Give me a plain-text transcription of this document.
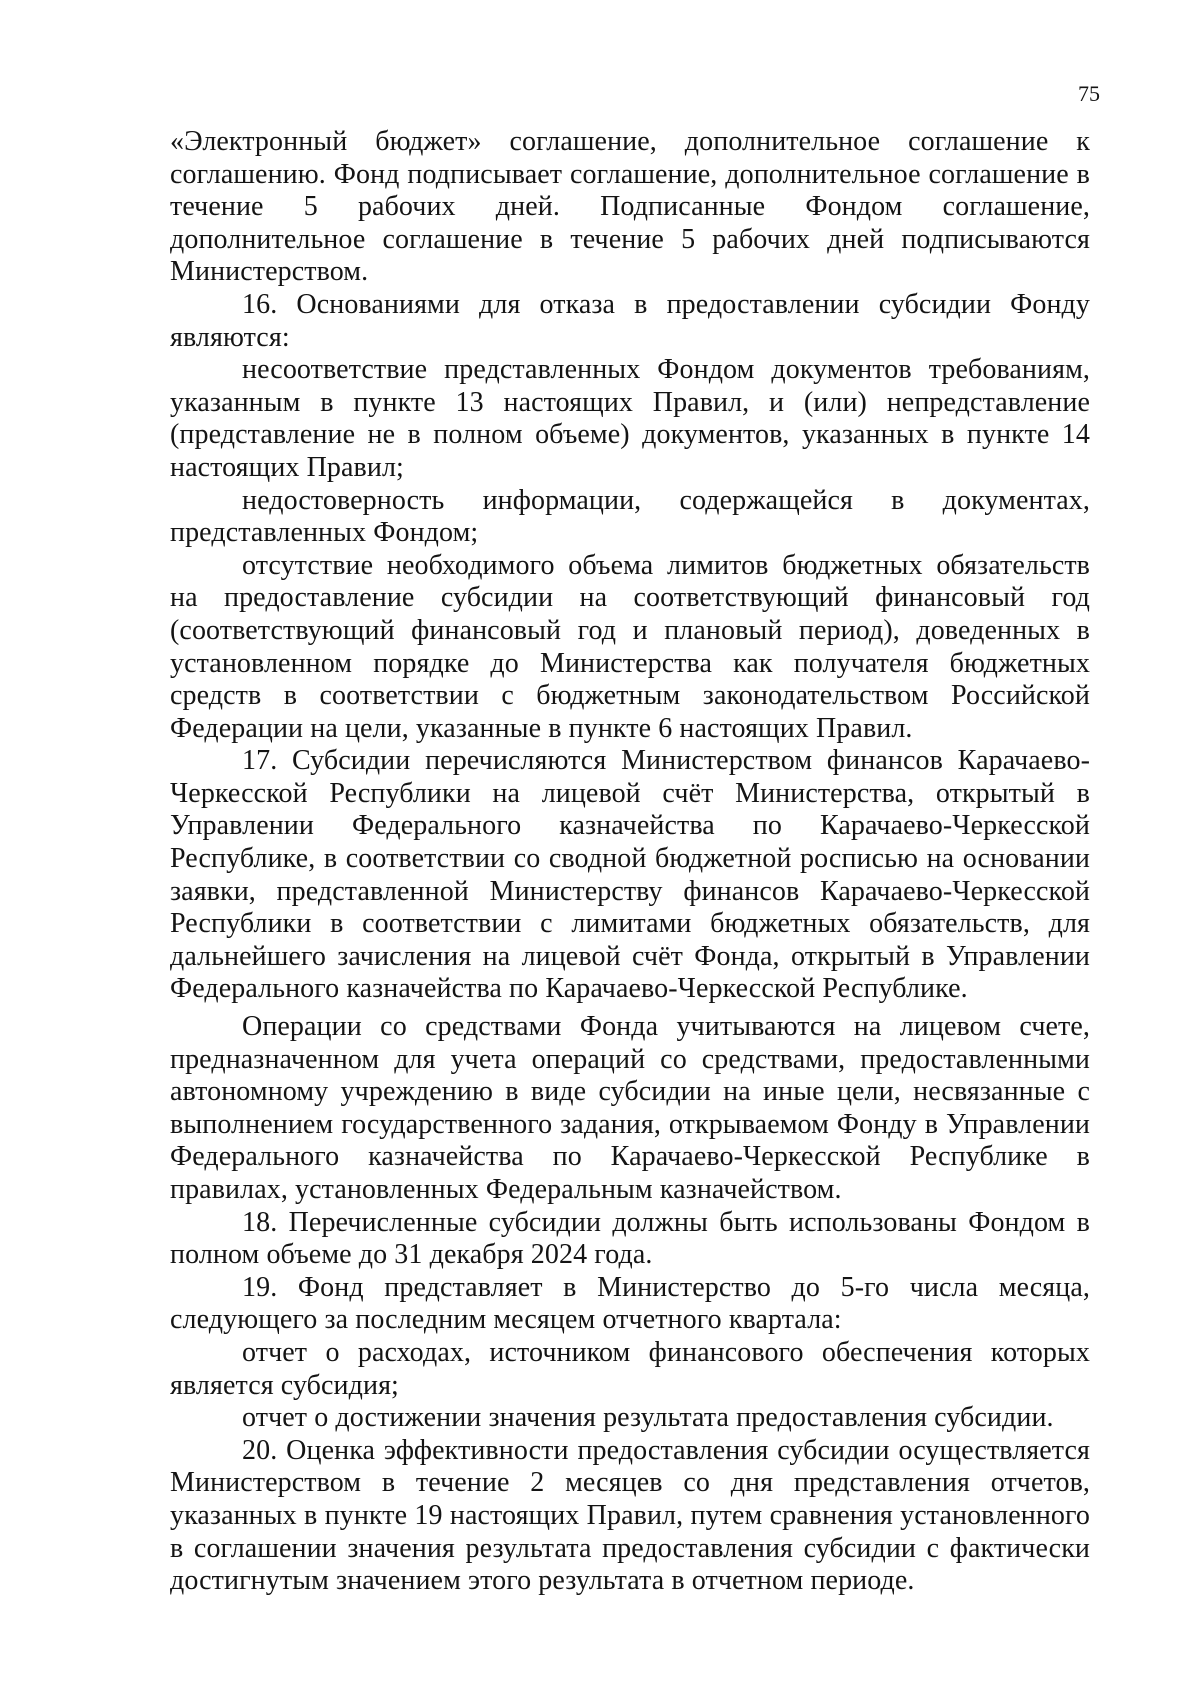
75

«Электронный бюджет» соглашение, дополнительное соглашение к соглашению. Фонд подписывает соглашение, дополнительное соглашение в течение 5 рабочих дней. Подписанные Фондом соглашение, дополнительное соглашение в течение 5 рабочих дней подписываются Министерством.

16. Основаниями для отказа в предоставлении субсидии Фонду являются:

несоответствие представленных Фондом документов требованиям, указанным в пункте 13 настоящих Правил, и (или) непредставление (представление не в полном объеме) документов, указанных в пункте 14 настоящих Правил;

недостоверность информации, содержащейся в документах, представленных Фондом;

отсутствие необходимого объема лимитов бюджетных обязательств на предоставление субсидии на соответствующий финансовый год (соответствующий финансовый год и плановый период), доведенных в установленном порядке до Министерства как получателя бюджетных средств в соответствии с бюджетным законодательством Российской Федерации на цели, указанные в пункте 6 настоящих Правил.

17. Субсидии перечисляются Министерством финансов Карачаево-Черкесской Республики на лицевой счёт Министерства, открытый в Управлении Федерального казначейства по Карачаево-Черкесской Республике, в соответствии со сводной бюджетной росписью на основании заявки, представленной Министерству финансов Карачаево-Черкесской Республики в соответствии с лимитами бюджетных обязательств, для дальнейшего зачисления на лицевой счёт Фонда, открытый в Управлении Федерального казначейства по Карачаево-Черкесской Республике.

Операции со средствами Фонда учитываются на лицевом счете, предназначенном для учета операций со средствами, предоставленными автономному учреждению в виде субсидии на иные цели, несвязанные с выполнением государственного задания, открываемом Фонду в Управлении Федерального казначейства по Карачаево-Черкесской Республике в правилах, установленных Федеральным казначейством.

18. Перечисленные субсидии должны быть использованы Фондом в полном объеме до 31 декабря 2024 года.

19. Фонд представляет в Министерство до 5-го числа месяца, следующего за последним месяцем отчетного квартала:

отчет о расходах, источником финансового обеспечения которых является субсидия;

отчет о достижении значения результата предоставления субсидии.

20. Оценка эффективности предоставления субсидии осуществляется Министерством в течение 2 месяцев со дня представления отчетов, указанных в пункте 19 настоящих Правил, путем сравнения установленного в соглашении значения результата предоставления субсидии с фактически достигнутым значением этого результата в отчетном периоде.
